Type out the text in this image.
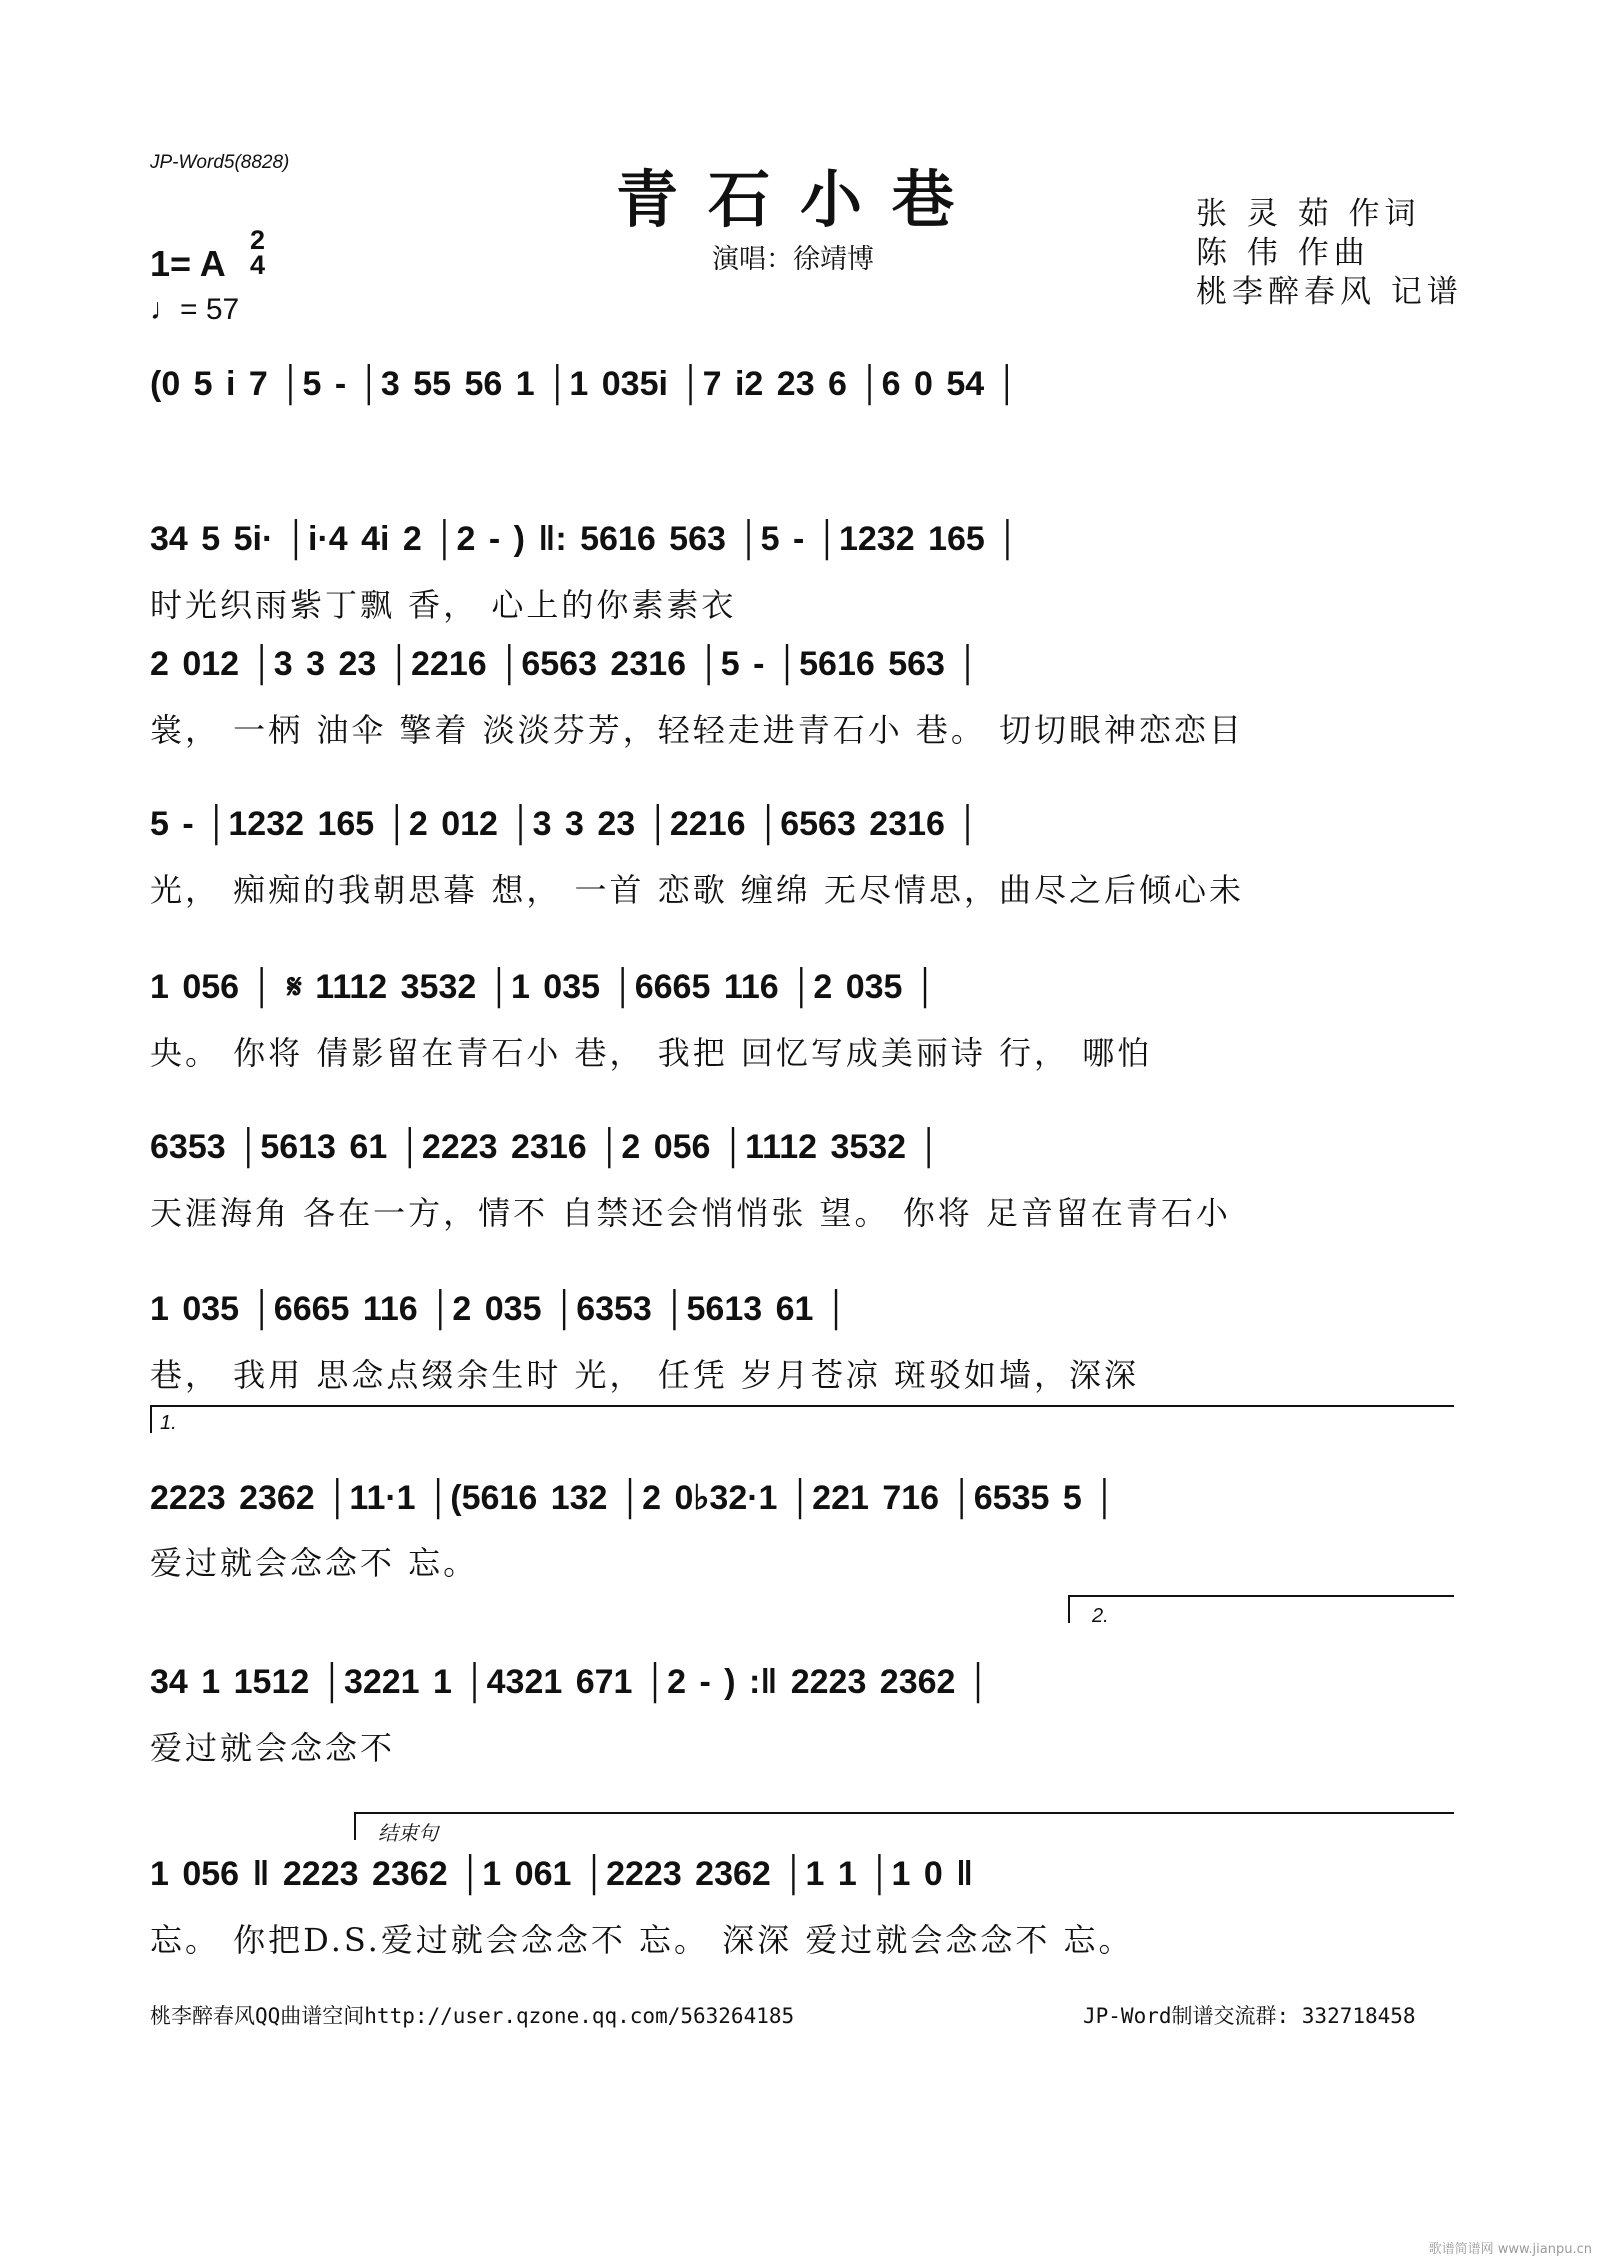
JP-Word5(8828)
青石小巷
演唱：徐靖博
张 灵 茹 作词
陈 伟 作曲
桃李醉春风 记谱
1= A
2
4
♩= 57
(0 5 i 7 │5 - │3 55 56 1 │1 035i │7 i2 23 6 │6 0 54 │
34 5 5i· │i·4 4i 2 │2 - ) ‖: 5616 563 │5 - │1232 165 │
时光织雨紫丁飘 香， 心上的你素素衣
2 012 │3 3 23 │2216 │6563 2316 │5 - │5616 563 │
裳， 一柄 油伞 擎着 淡淡芬芳，轻轻走进青石小 巷。 切切眼神恋恋目
5 - │1232 165 │2 012 │3 3 23 │2216 │6563 2316 │
光， 痴痴的我朝思暮 想， 一首 恋歌 缠绵 无尽情思，曲尽之后倾心未
1 056 │ 𝄋 1112 3532 │1 035 │6665 116 │2 035 │
央。 你将 倩影留在青石小 巷， 我把 回忆写成美丽诗 行， 哪怕
6353 │5613 61 │2223 2316 │2 056 │1112 3532 │
天涯海角 各在一方，情不 自禁还会悄悄张 望。 你将 足音留在青石小
1 035 │6665 116 │2 035 │6353 │5613 61 │
巷， 我用 思念点缀余生时 光， 任凭 岁月苍凉 斑驳如墙，深深
1.
2223 2362 │11·1 │(5616 132 │2 0♭32·1 │221 716 │6535 5 │
爱过就会念念不 忘。
2.
34 1 1512 │3221 1 │4321 671 │2 - ) :‖ 2223 2362 │
爱过就会念念不
结束句
1 056 ‖ 2223 2362 │1 061 │2223 2362 │1 1 │1 0 ‖
忘。 你把D.S.爱过就会念念不 忘。 深深 爱过就会念念不 忘。
桃李醉春风QQ曲谱空间http://user.qzone.qq.com/563264185	JP-Word制谱交流群: 332718458
歌谱简谱网 www.jianpu.cn
